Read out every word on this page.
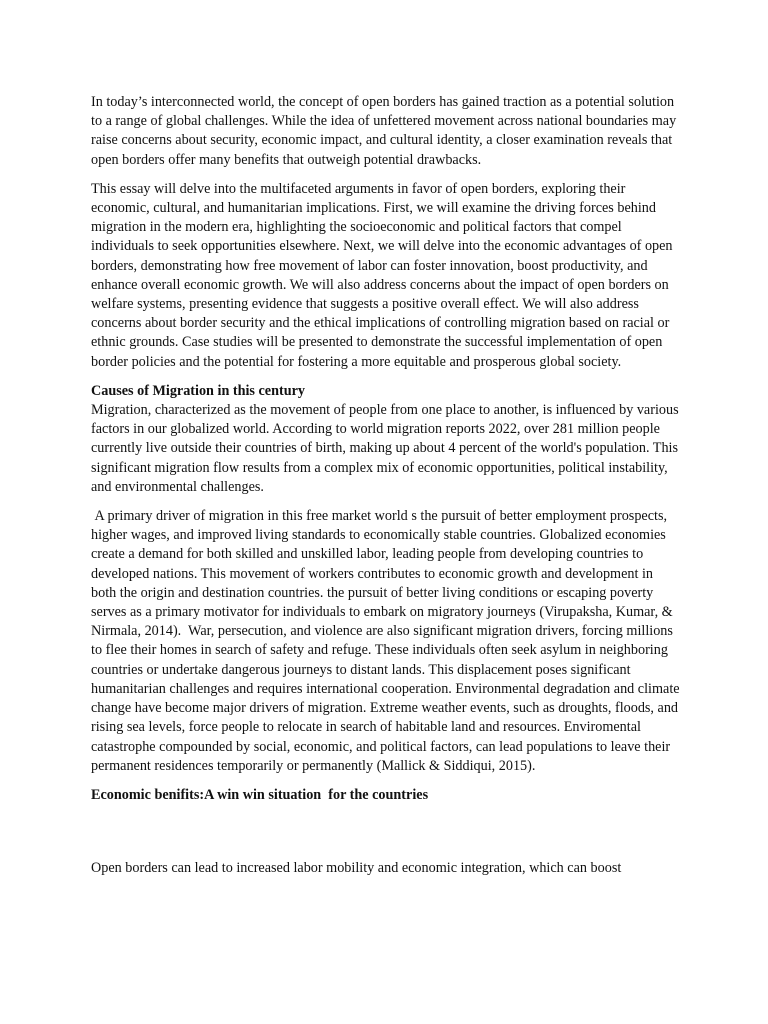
In today’s interconnected world, the concept of open borders has gained traction as a potential solution to a range of global challenges. While the idea of unfettered movement across national boundaries may raise concerns about security, economic impact, and cultural identity, a closer examination reveals that open borders offer many benefits that outweigh potential drawbacks.

This essay will delve into the multifaceted arguments in favor of open borders, exploring their economic, cultural, and humanitarian implications. First, we will examine the driving forces behind migration in the modern era, highlighting the socioeconomic and political factors that compel individuals to seek opportunities elsewhere. Next, we will delve into the economic advantages of open borders, demonstrating how free movement of labor can foster innovation, boost productivity, and enhance overall economic growth. We will also address concerns about the impact of open borders on welfare systems, presenting evidence that suggests a positive overall effect. We will also address concerns about border security and the ethical implications of controlling migration based on racial or ethnic grounds. Case studies will be presented to demonstrate the successful implementation of open border policies and the potential for fostering a more equitable and prosperous global society.

Causes of Migration in this century

Migration, characterized as the movement of people from one place to another, is influenced by various factors in our globalized world. According to world migration reports 2022, over 281 million people currently live outside their countries of birth, making up about 4 percent of the world's population. This significant migration flow results from a complex mix of economic opportunities, political instability, and environmental challenges.

A primary driver of migration in this free market world s the pursuit of better employment prospects, higher wages, and improved living standards to economically stable countries. Globalized economies create a demand for both skilled and unskilled labor, leading people from developing countries to developed nations. This movement of workers contributes to economic growth and development in both the origin and destination countries. the pursuit of better living conditions or escaping poverty serves as a primary motivator for individuals to embark on migratory journeys (Virupaksha, Kumar, & Nirmala, 2014).  War, persecution, and violence are also significant migration drivers, forcing millions to flee their homes in search of safety and refuge. These individuals often seek asylum in neighboring countries or undertake dangerous journeys to distant lands. This displacement poses significant humanitarian challenges and requires international cooperation. Environmental degradation and climate change have become major drivers of migration. Extreme weather events, such as droughts, floods, and rising sea levels, force people to relocate in search of habitable land and resources. Enviromental catastrophe compounded by social, economic, and political factors, can lead populations to leave their permanent residences temporarily or permanently (Mallick & Siddiqui, 2015).

Economic benifits:A win win situation  for the countries

Open borders can lead to increased labor mobility and economic integration, which can boost
